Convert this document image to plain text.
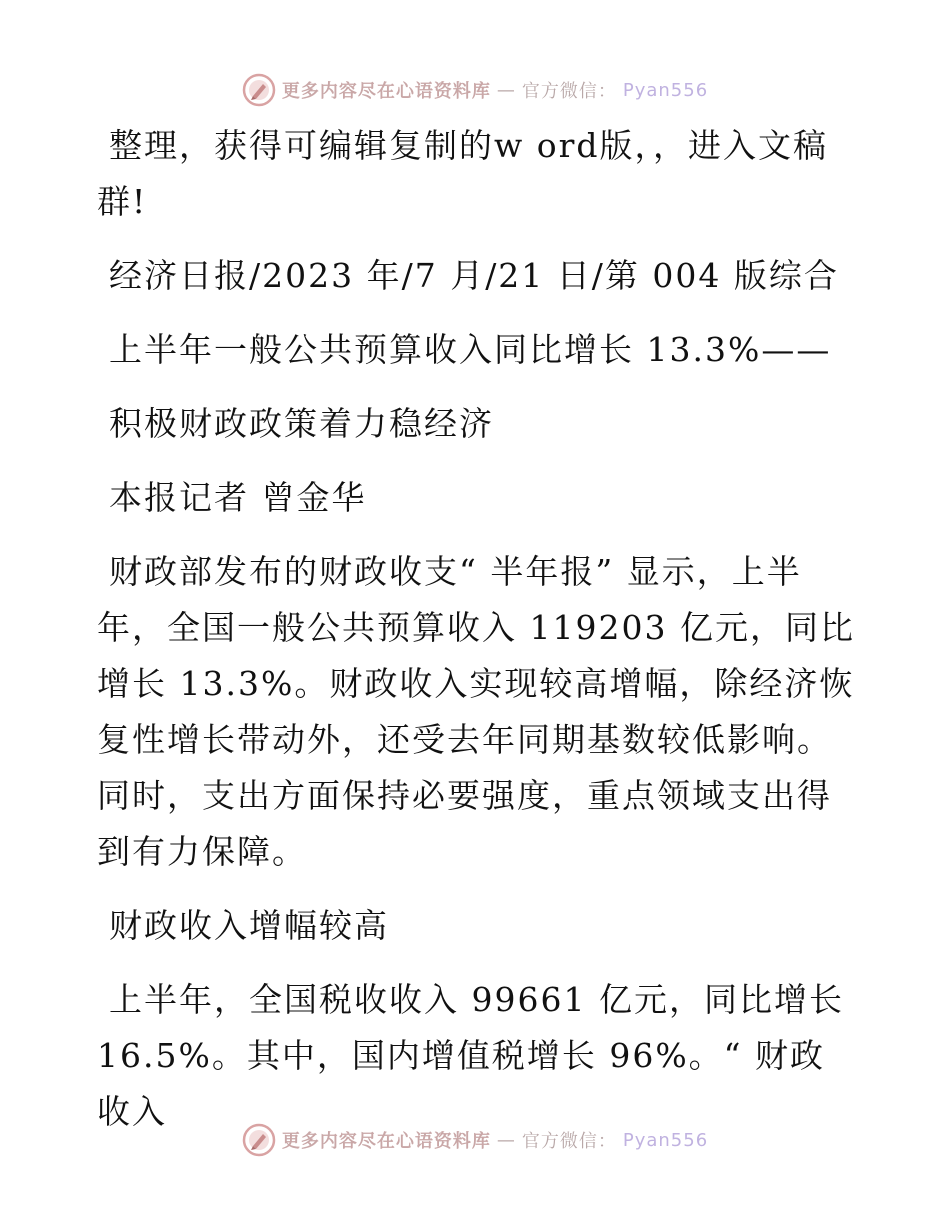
更多内容尽在心语资料库 — 官方微信： Pyan556

整理，获得可编辑复制的w ord版，，进入文稿群!

经济日报/2023 年/7 月/21 日/第 004 版综合

上半年一般公共预算收入同比增长 13.3%——

积极财政政策着力稳经济

本报记者 曾金华

财政部发布的财政收支“ 半年报” 显示，上半年，全国一般公共预算收入 119203 亿元，同比增长 13.3%。财政收入实现较高增幅，除经济恢复性增长带动外，还受去年同期基数较低影响。同时，支出方面保持必要强度，重点领域支出得到有力保障。

财政收入增幅较高

上半年，全国税收收入 99661 亿元，同比增长 16.5%。其中，国内增值税增长 96%。“ 财政收入

更多内容尽在心语资料库 — 官方微信： Pyan556
